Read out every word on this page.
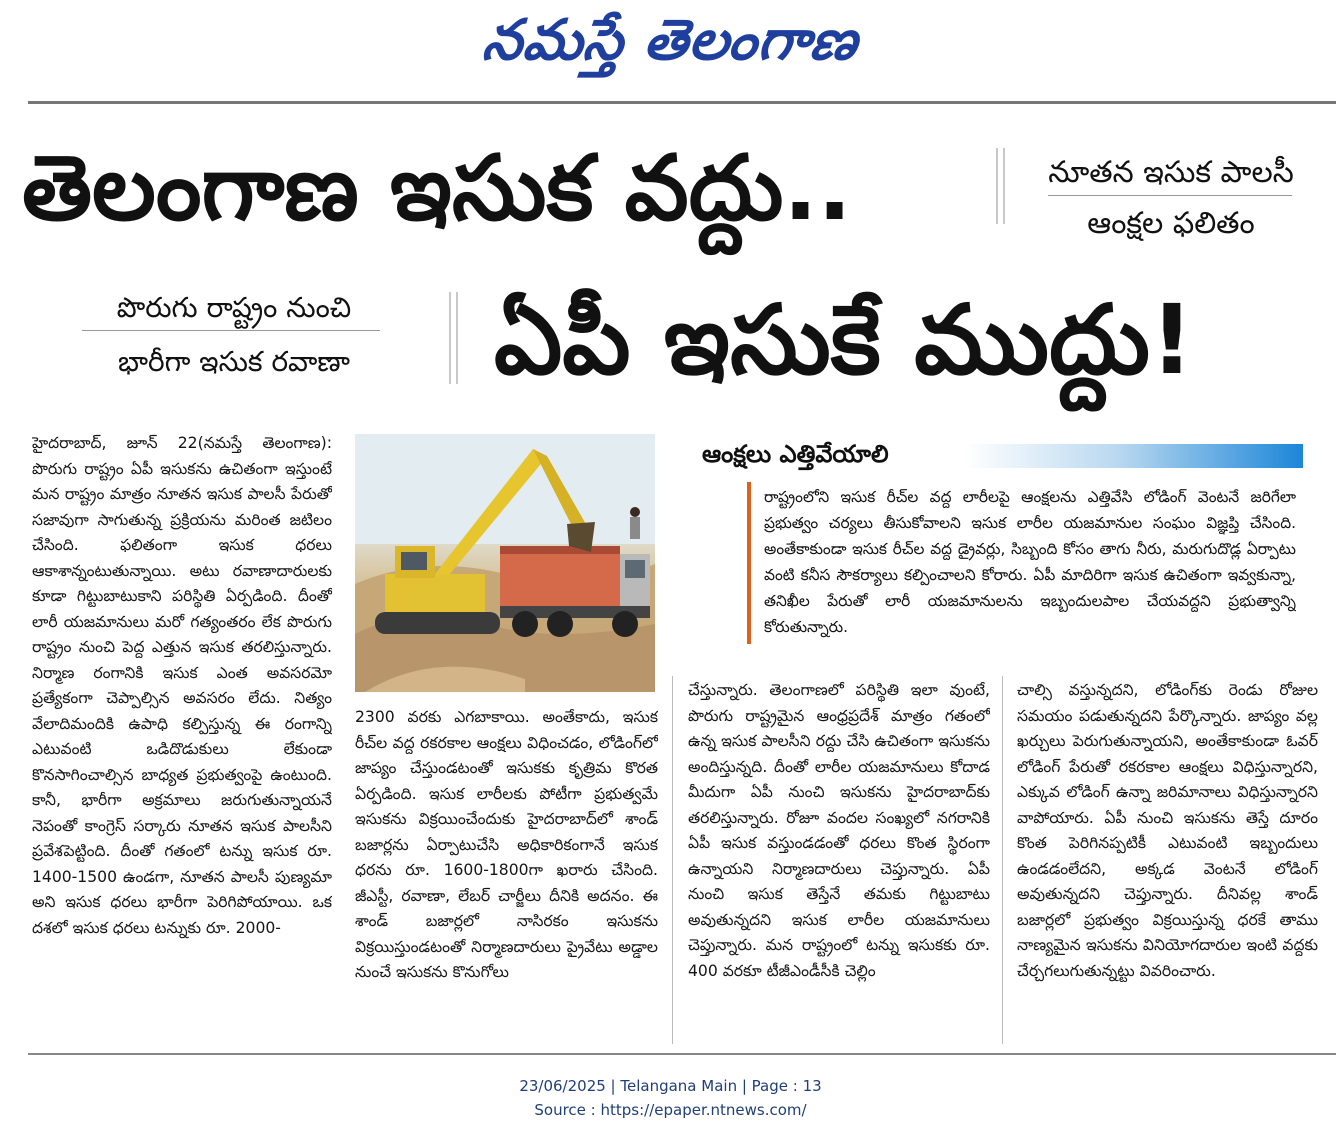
నమస్తే తెలంగాణ
తెలంగాణ ఇసుక వద్దు..	నూతన ఇసుక పాలసీ
ఆంక్షల ఫలితం
పొరుగు రాష్ట్రం నుంచి
భారీగా ఇసుక రవాణా	ఏపీ ఇసుకే ముద్దు!
హైదరాబాద్, జూన్ 22(నమస్తే తెలంగాణ): పొరుగు రాష్ట్రం ఏపీ ఇసుకను ఉచితంగా ఇస్తుంటే మన రాష్ట్రం మాత్రం నూతన ఇసుక పాలసీ పేరుతో సజావుగా సాగుతున్న ప్రక్రియను మరింత జటిలం చేసింది. ఫలితంగా ఇసుక ధరలు ఆకాశాన్నంటుతున్నాయి. అటు రవాణాదారులకు కూడా గిట్టుబాటుకాని పరిస్థితి ఏర్పడింది. దీంతో లారీ యజమానులు మరో గత్యంతరం లేక పొరుగు రాష్ట్రం నుంచి పెద్ద ఎత్తున ఇసుక తరలిస్తున్నారు. నిర్మాణ రంగానికి ఇసుక ఎంత అవసరమో ప్రత్యేకంగా చెప్పాల్సిన అవసరం లేదు. నిత్యం వేలాదిమందికి ఉపాధి కల్పిస్తున్న ఈ రంగాన్ని ఎటువంటి ఒడిదొడుకులు లేకుండా కొనసాగించాల్సిన బాధ్యత ప్రభుత్వంపై ఉంటుంది. కానీ, భారీగా అక్రమాలు జరుగుతున్నాయనే నెపంతో కాంగ్రెస్ సర్కారు నూతన ఇసుక పాలసీని ప్రవేశపెట్టింది. దీంతో గతంలో టన్ను ఇసుక రూ. 1400-1500 ఉండగా, నూతన పాలసీ పుణ్యమా అని ఇసుక ధరలు భారీగా పెరిగిపోయాయి. ఒక దశలో ఇసుక ధరలు టన్నుకు రూ. 2000-
2300 వరకు ఎగబాకాయి. అంతేకాదు, ఇసుక రీచ్‌ల వద్ద రకరకాల ఆంక్షలు విధించడం, లోడింగ్‌లో జాప్యం చేస్తుండటంతో ఇసుకకు కృత్రిమ కొరత ఏర్పడింది. ఇసుక లారీలకు పోటీగా ప్రభుత్వమే ఇసుకను విక్రయించేందుకు హైదరాబాద్‌లో శాండ్ బజార్లను ఏర్పాటుచేసి అధికారికంగానే ఇసుక ధరను రూ. 1600-1800గా ఖరారు చేసింది. జీఎస్టీ, రవాణా, లేబర్ చార్జీలు దీనికి అదనం. ఈ శాండ్ బజార్లలో నాసిరకం ఇసుకను విక్రయిస్తుండటంతో నిర్మాణదారులు ప్రైవేటు అడ్డాల నుంచే ఇసుకను కొనుగోలు
ఆంక్షలు ఎత్తివేయాలి
రాష్ట్రంలోని ఇసుక రీచ్‌ల వద్ద లారీలపై ఆంక్షలను ఎత్తివేసి లోడింగ్ వెంటనే జరిగేలా ప్రభుత్వం చర్యలు తీసుకోవాలని ఇసుక లారీల యజమానుల సంఘం విజ్ఞప్తి చేసింది. అంతేకాకుండా ఇసుక రీచ్‌ల వద్ద డ్రైవర్లు, సిబ్బంది కోసం తాగు నీరు, మరుగుదొడ్ల ఏర్పాటు వంటి కనీస సౌకర్యాలు కల్పించాలని కోరారు. ఏపీ మాదిరిగా ఇసుక ఉచితంగా ఇవ్వకున్నా, తనిఖీల పేరుతో లారీ యజమానులను ఇబ్బందులపాల చేయవద్దని ప్రభుత్వాన్ని కోరుతున్నారు.
చేస్తున్నారు. తెలంగాణలో పరిస్థితి ఇలా వుంటే, పొరుగు రాష్ట్రమైన ఆంధ్రప్రదేశ్ మాత్రం గతంలో ఉన్న ఇసుక పాలసీని రద్దు చేసి ఉచితంగా ఇసుకను అందిస్తున్నది. దీంతో లారీల యజమానులు కోదాడ మీదుగా ఏపీ నుంచి ఇసుకను హైదరాబాద్‌కు తరలిస్తున్నారు. రోజూ వందల సంఖ్యలో నగరానికి ఏపీ ఇసుక వస్తుండడంతో ధరలు కొంత స్థిరంగా ఉన్నాయని నిర్మాణదారులు చెప్తున్నారు. ఏపీ నుంచి ఇసుక తెస్తేనే తమకు గిట్టుబాటు అవుతున్నదని ఇసుక లారీల యజమానులు చెప్తున్నారు. మన రాష్ట్రంలో టన్ను ఇసుకకు రూ. 400 వరకూ టీజీఎండీసీకి చెల్లిం
చాల్సి వస్తున్నదని, లోడింగ్‌కు రెండు రోజుల సమయం పడుతున్నదని పేర్కొన్నారు. జాప్యం వల్ల ఖర్చులు పెరుగుతున్నాయని, అంతేకాకుండా ఓవర్ లోడింగ్ పేరుతో రకరకాల ఆంక్షలు విధిస్తున్నారని, ఎక్కువ లోడింగ్ ఉన్నా జరిమానాలు విధిస్తున్నారని వాపోయారు. ఏపీ నుంచి ఇసుకను తెస్తే దూరం కొంత పెరిగినప్పటికీ ఎటువంటి ఇబ్బందులు ఉండడంలేదని, అక్కడ వెంటనే లోడింగ్ అవుతున్నదని చెప్తున్నారు. దీనివల్ల శాండ్ బజార్లలో ప్రభుత్వం విక్రయిస్తున్న ధరకే తాము నాణ్యమైన ఇసుకను వినియోగదారుల ఇంటి వద్దకు చేర్చగలుగుతున్నట్టు వివరించారు.
23/06/2025 | Telangana Main | Page : 13
Source : https://epaper.ntnews.com/
